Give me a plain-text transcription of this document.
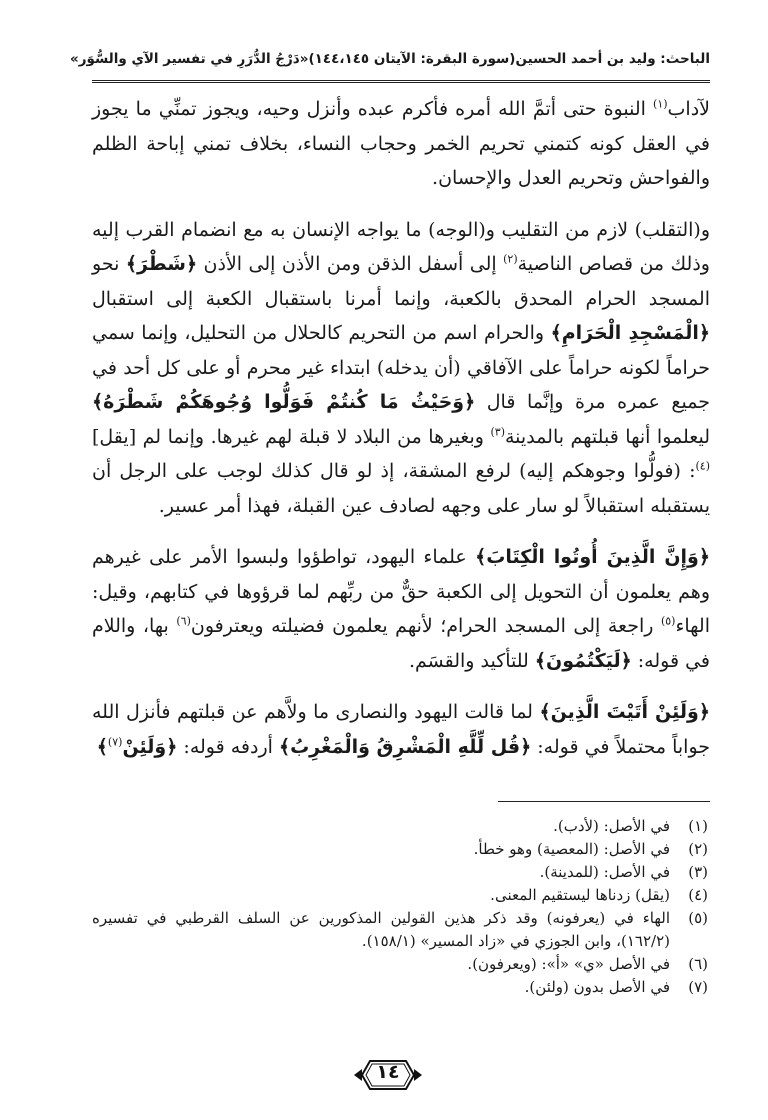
الباحث: وليد بن أحمد الحسين
(سورة البقرة: الآيتان ١٤٤،١٤٥)
«دَرْجُ الدُّرَرِ في تفسير الآي والسُّوَر»

لآداب$^{(١)}$ النبوة حتى أتمَّ الله أمره فأكرم عبده وأنزل وحيه، ويجوز تمنِّي ما يجوز في العقل كونه كتمني تحريم الخمر وحجاب النساء، بخلاف تمني إباحة الظلم والفواحش وتحريم العدل والإحسان.

و(التقلب) لازم من التقليب و(الوجه) ما يواجه الإنسان به مع انضمام القرب إليه وذلك من قصاص الناصية$^{(٢)}$ إلى أسفل الذقن ومن الأذن إلى الأذن ﴿شَطْرَ﴾ نحو المسجد الحرام المحدق بالكعبة، وإنما أمرنا باستقبال الكعبة إلى استقبال ﴿الْمَسْجِدِ الْحَرَامِ﴾ والحرام اسم من التحريم كالحلال من التحليل، وإنما سمي حراماً لكونه حراماً على الآفاقي (أن يدخله) ابتداء غير محرم أو على كل أحد في جميع عمره مرة وإنَّما قال ﴿وَحَيْثُ مَا كُنتُمْ فَوَلُّوا وُجُوهَكُمْ شَطْرَهُ﴾ ليعلموا أنها قبلتهم بالمدينة$^{(٣)}$ وبغيرها من البلاد لا قبلة لهم غيرها. وإنما لم [يقل]$^{(٤)}$: (فولُّوا وجوهكم إليه) لرفع المشقة، إذ لو قال كذلك لوجب على الرجل أن يستقبله استقبالاً لو سار على وجهه لصادف عين القبلة، فهذا أمر عسير.

﴿وَإِنَّ الَّذِينَ أُوتُوا الْكِتَابَ﴾ علماء اليهود، تواطؤوا ولبسوا الأمر على غيرهم وهم يعلمون أن التحويل إلى الكعبة حقٌّ من ربِّهم لما قرؤوها في كتابهم، وقيل: الهاء$^{(٥)}$ راجعة إلى المسجد الحرام؛ لأنهم يعلمون فضيلته ويعترفون$^{(٦)}$ بها، واللام في قوله: ﴿لَيَكْتُمُونَ﴾ للتأكيد والقسَم.

﴿وَلَئِنْ أَتَيْتَ الَّذِينَ﴾ لما قالت اليهود والنصارى ما ولاَّهم عن قبلتهم فأنزل الله جواباً محتملاً في قوله: ﴿قُل لِّلَّهِ الْمَشْرِقُ وَالْمَغْرِبُ﴾ أردفه قوله: ﴿وَلَئِنْ$^{(٧)}$﴾

(١)
في الأصل: (لأدب).
(٢)
في الأصل: (المعصية) وهو خطأ.
(٣)
في الأصل: (للمدينة).
(٤)
(يقل) زدناها ليستقيم المعنى.
(٥)
الهاء في (يعرفونه) وقد ذكر هذين القولين المذكورين عن السلف القرطبي في تفسيره (١٦٢/٢)، وابن الجوزي في «زاد المسير» (١٥٨/١).
(٦)
في الأصل «ي» «أ»: (ويعرفون).
(٧)
في الأصل بدون (ولئن).
١٤
